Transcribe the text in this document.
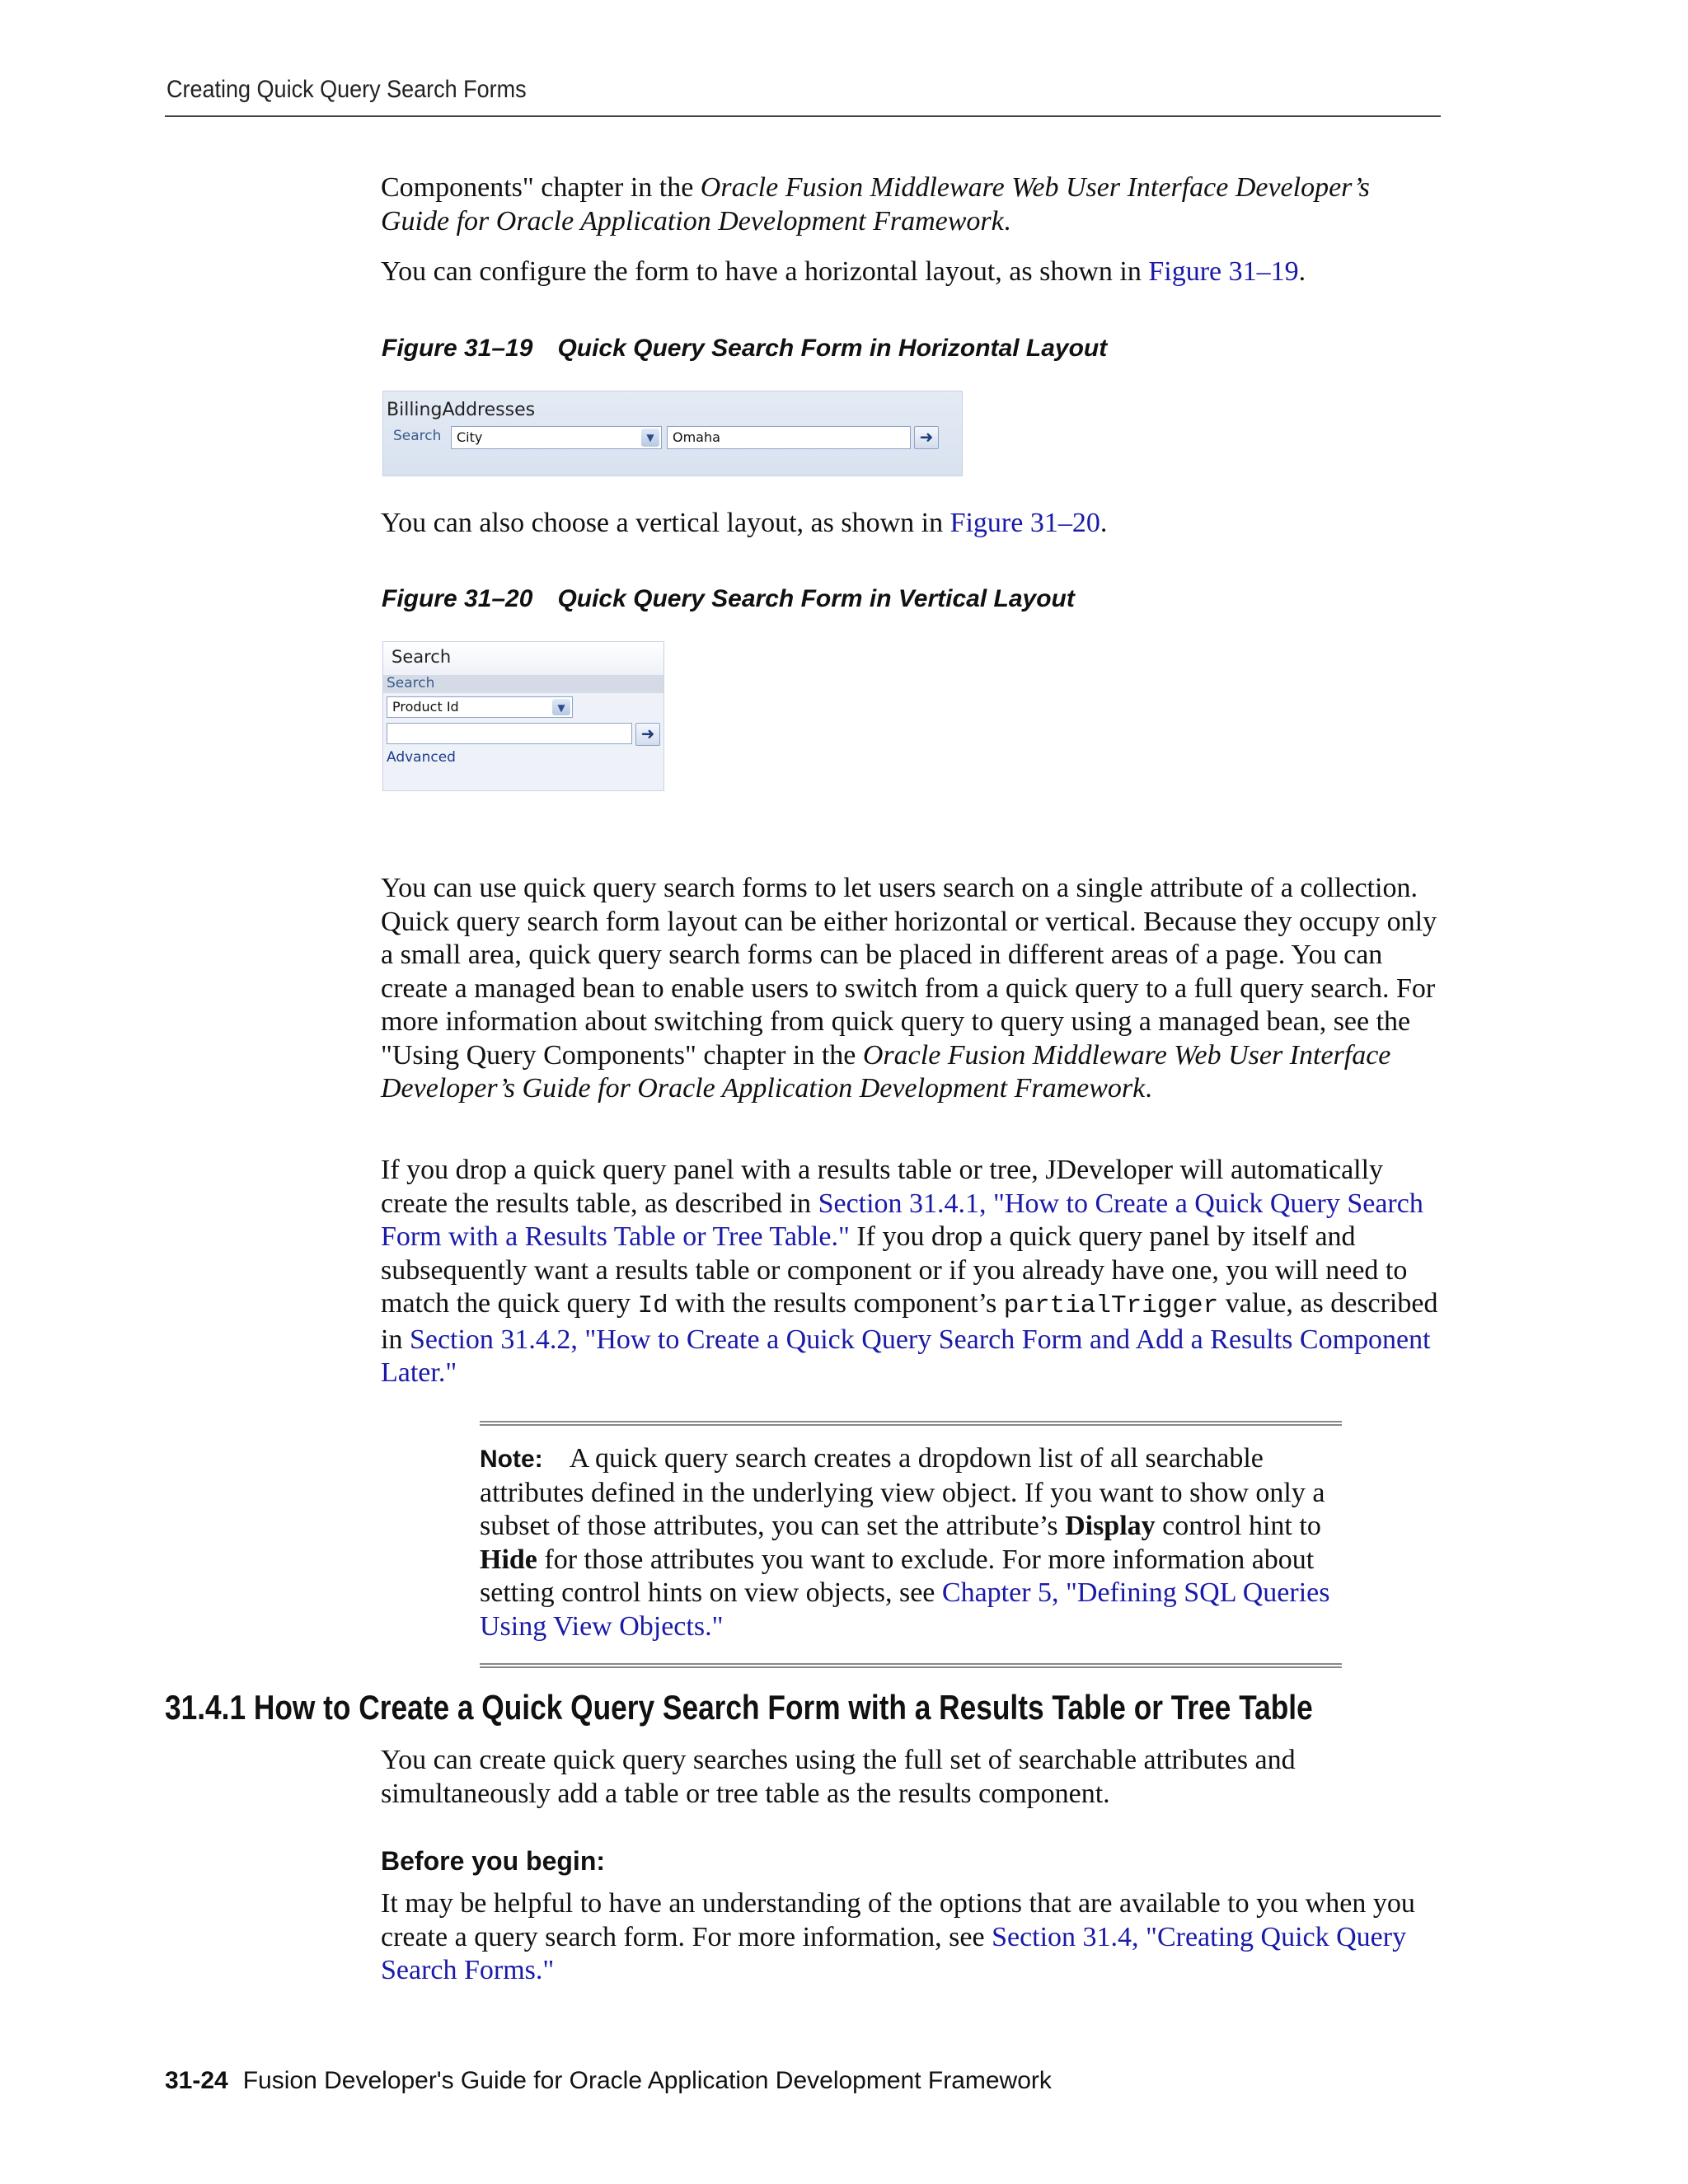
Creating Quick Query Search Forms

Components" chapter in the Oracle Fusion Middleware Web User Interface Developer’s
Guide for Oracle Application Development Framework.

You can configure the form to have a horizontal layout, as shown in Figure 31–19.

Figure 31–19 Quick Query Search Form in Horizontal Layout
BillingAddresses
Search	City	▼	Omaha	➜

You can also choose a vertical layout, as shown in Figure 31–20.

Figure 31–20 Quick Query Search Form in Vertical Layout
Search
Search
Product Id	▼
➜
Advanced

You can use quick query search forms to let users search on a single attribute of a collection. Quick query search form layout can be either horizontal or vertical. Because they occupy only a small area, quick query search forms can be placed in different areas of a page. You can create a managed bean to enable users to switch from a quick query to a full query search. For more information about switching from quick query to query using a managed bean, see the "Using Query Components" chapter in the Oracle Fusion Middleware Web User Interface Developer’s Guide for Oracle Application Development Framework.

If you drop a quick query panel with a results table or tree, JDeveloper will automatically create the results table, as described in Section 31.4.1, "How to Create a Quick Query Search Form with a Results Table or Tree Table." If you drop a quick query panel by itself and subsequently want a results table or component or if you already have one, you will need to match the quick query Id with the results component’s partialTrigger value, as described in Section 31.4.2, "How to Create a Quick Query Search Form and Add a Results Component Later."

Note: A quick query search creates a dropdown list of all searchable attributes defined in the underlying view object. If you want to show only a subset of those attributes, you can set the attribute’s Display control hint to Hide for those attributes you want to exclude. For more information about setting control hints on view objects, see Chapter 5, "Defining SQL Queries Using View Objects."

31.4.1 How to Create a Quick Query Search Form with a Results Table or Tree Table

You can create quick query searches using the full set of searchable attributes and simultaneously add a table or tree table as the results component.

Before you begin:

It may be helpful to have an understanding of the options that are available to you when you create a query search form. For more information, see Section 31.4, "Creating Quick Query Search Forms."

31-24 Fusion Developer's Guide for Oracle Application Development Framework
